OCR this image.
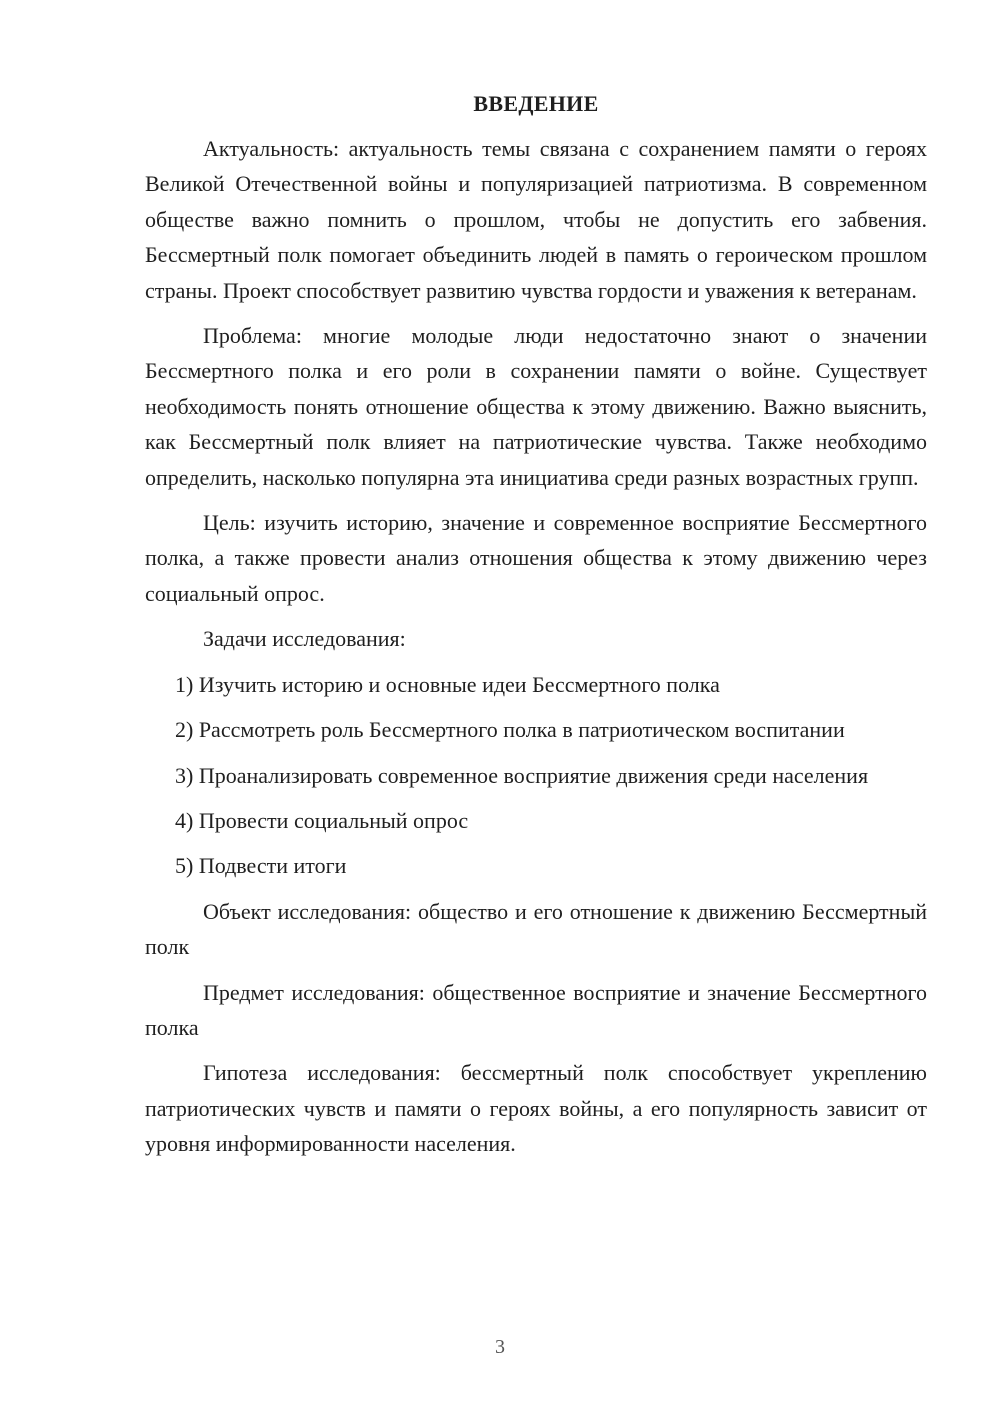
ВВЕДЕНИЕ

Актуальность: актуальность темы связана с сохранением памяти о героях Великой Отечественной войны и популяризацией патриотизма. В современном обществе важно помнить о прошлом, чтобы не допустить его забвения. Бессмертный полк помогает объединить людей в память о героическом прошлом страны. Проект способствует развитию чувства гордости и уважения к ветеранам.

Проблема: многие молодые люди недостаточно знают о значении Бессмертного полка и его роли в сохранении памяти о войне. Существует необходимость понять отношение общества к этому движению. Важно выяснить, как Бессмертный полк влияет на патриотические чувства. Также необходимо определить, насколько популярна эта инициатива среди разных возрастных групп.

Цель: изучить историю, значение и современное восприятие Бессмертного полка, а также провести анализ отношения общества к этому движению через социальный опрос.

Задачи исследования:

1) Изучить историю и основные идеи Бессмертного полка

2) Рассмотреть роль Бессмертного полка в патриотическом воспитании

3) Проанализировать современное восприятие движения среди населения

4) Провести социальный опрос

5) Подвести итоги

Объект исследования: общество и его отношение к движению Бессмертный полк

Предмет исследования: общественное восприятие и значение Бессмертного полка

Гипотеза исследования: бессмертный полк способствует укреплению патриотических чувств и памяти о героях войны, а его популярность зависит от уровня информированности населения.

3
